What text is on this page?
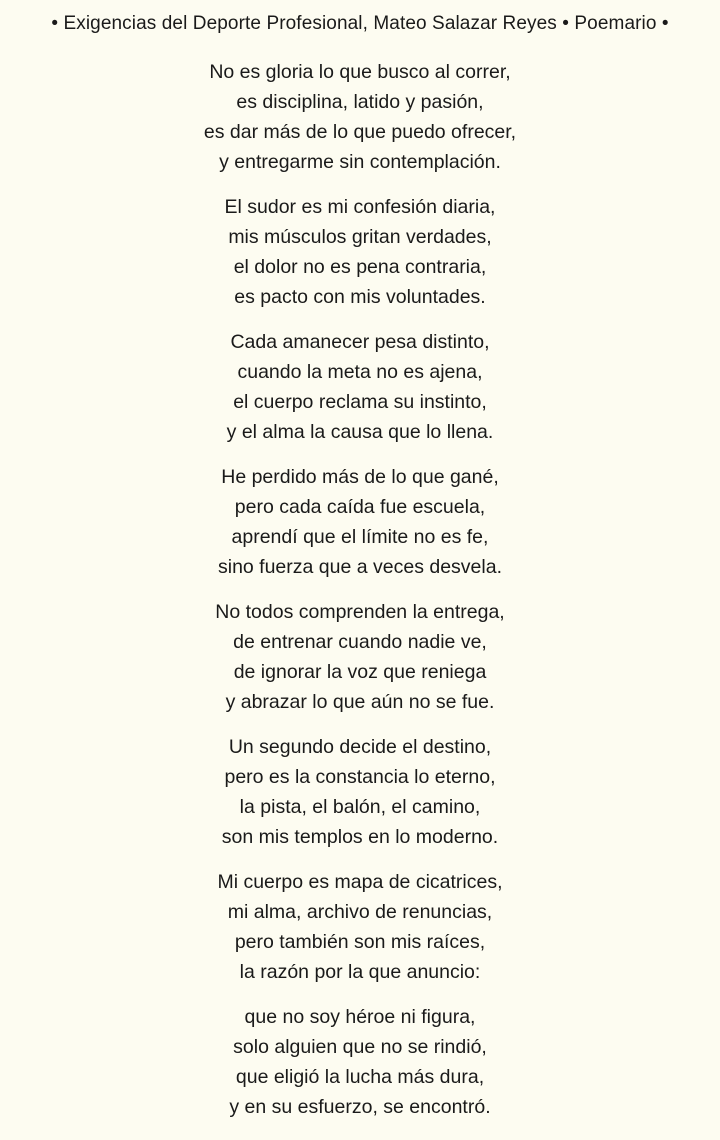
• Exigencias del Deporte Profesional, Mateo Salazar Reyes • Poemario •
No es gloria lo que busco al correr,
es disciplina, latido y pasión,
es dar más de lo que puedo ofrecer,
y entregarme sin contemplación.
El sudor es mi confesión diaria,
mis músculos gritan verdades,
el dolor no es pena contraria,
es pacto con mis voluntades.
Cada amanecer pesa distinto,
cuando la meta no es ajena,
el cuerpo reclama su instinto,
y el alma la causa que lo llena.
He perdido más de lo que gané,
pero cada caída fue escuela,
aprendí que el límite no es fe,
sino fuerza que a veces desvela.
No todos comprenden la entrega,
de entrenar cuando nadie ve,
de ignorar la voz que reniega
y abrazar lo que aún no se fue.
Un segundo decide el destino,
pero es la constancia lo eterno,
la pista, el balón, el camino,
son mis templos en lo moderno.
Mi cuerpo es mapa de cicatrices,
mi alma, archivo de renuncias,
pero también son mis raíces,
la razón por la que anuncio:
que no soy héroe ni figura,
solo alguien que no se rindió,
que eligió la lucha más dura,
y en su esfuerzo, se encontró.
